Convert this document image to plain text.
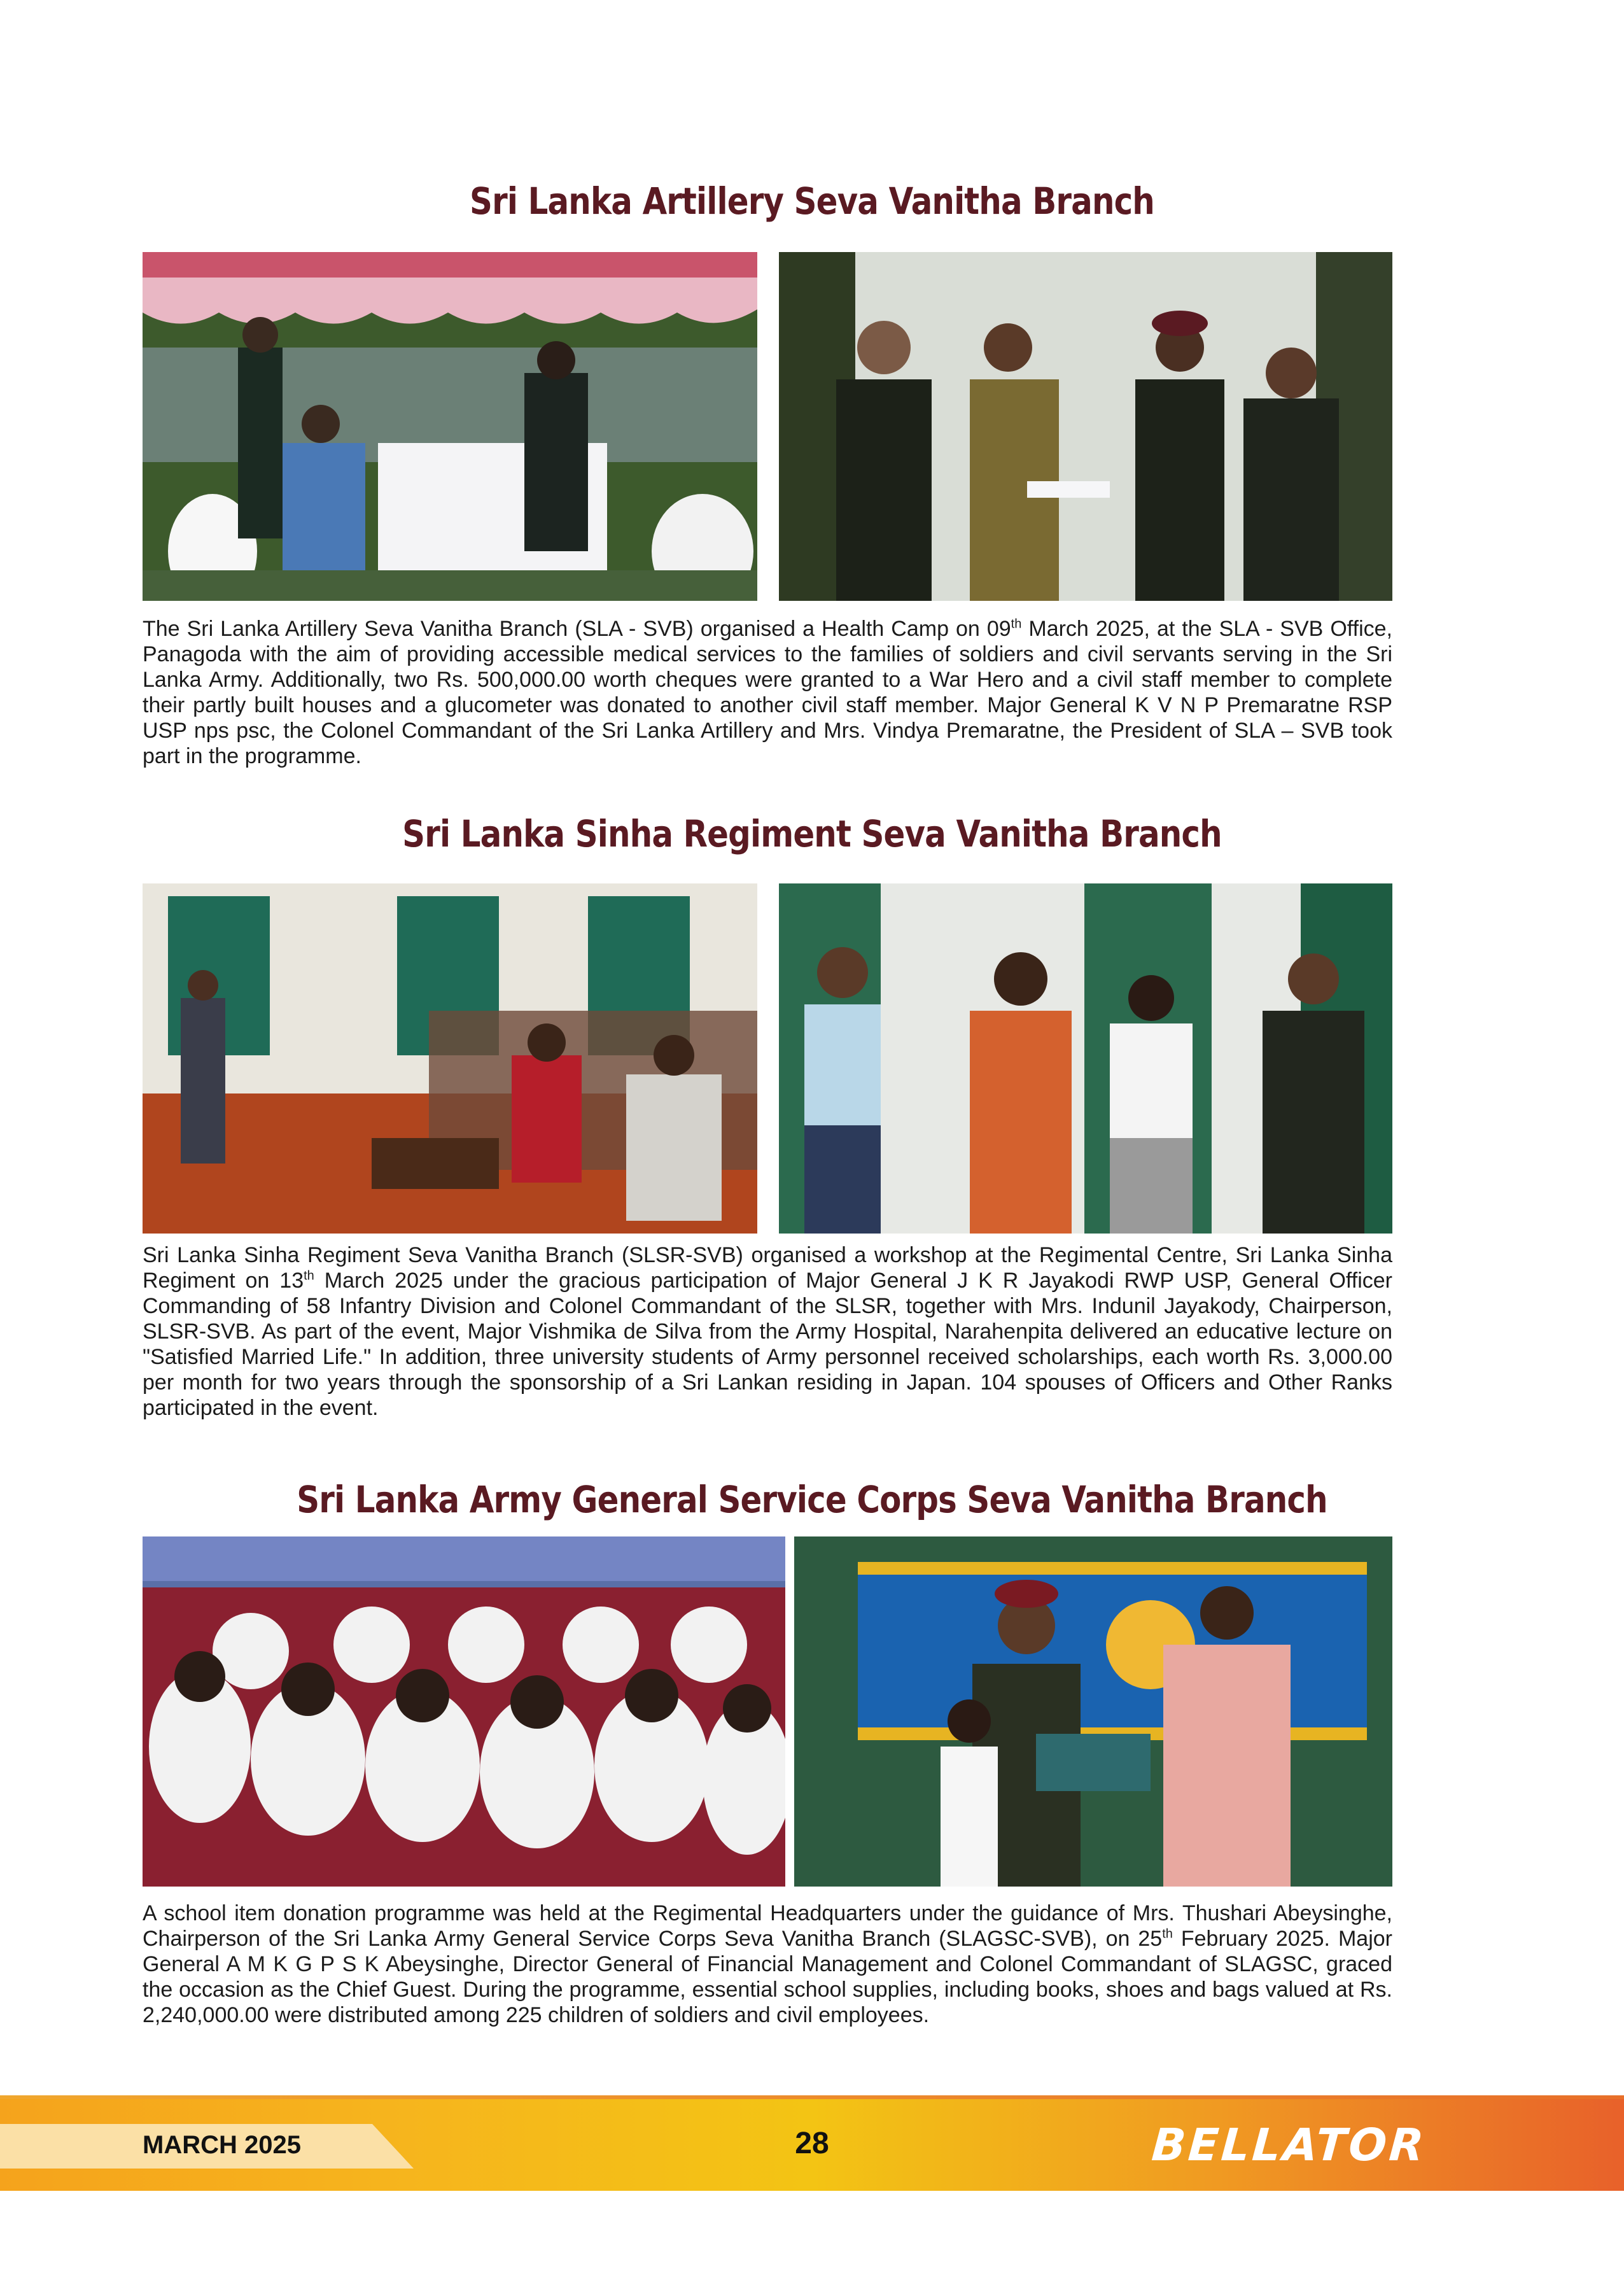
Sri Lanka Artillery Seva Vanitha Branch

The Sri Lanka Artillery Seva Vanitha Branch (SLA - SVB) organised a Health Camp on 09th March 2025, at the SLA - SVB Office, Panagoda with the aim of providing accessible medical services to the families of soldiers and civil servants serving in the Sri Lanka Army. Additionally, two Rs. 500,000.00 worth cheques were granted to a War Hero and a civil staff member to complete their partly built houses and a glucometer was donated to another civil staff member. Major General K V N P Premaratne RSP USP nps psc, the Colonel Commandant of the Sri Lanka Artillery and Mrs. Vindya Premaratne, the President of SLA – SVB took part in the programme.

Sri Lanka Sinha Regiment Seva Vanitha Branch

Sri Lanka Sinha Regiment Seva Vanitha Branch (SLSR-SVB) organised a workshop at the Regimental Centre, Sri Lanka Sinha Regiment on 13th March 2025 under the gracious participation of Major General J K R Jayakodi RWP USP, General Officer Commanding of 58 Infantry Division and Colonel Commandant of the SLSR, together with Mrs. Indunil Jayakody, Chairperson, SLSR-SVB. As part of the event, Major Vishmika de Silva from the Army Hospital, Narahenpita delivered an educative lecture on "Satisfied Married Life." In addition, three university students of Army personnel received scholarships, each worth Rs. 3,000.00 per month for two years through the sponsorship of a Sri Lankan residing in Japan. 104 spouses of Officers and Other Ranks participated in the event.

Sri Lanka Army General Service Corps Seva Vanitha Branch

A school item donation programme was held at the Regimental Headquarters under the guidance of Mrs. Thushari Abeysinghe, Chairperson of the Sri Lanka Army General Service Corps Seva Vanitha Branch (SLAGSC-SVB), on 25th February 2025. Major General A M K G P S K Abeysinghe, Director General of Financial Management and Colonel Commandant of SLAGSC, graced the occasion as the Chief Guest. During the programme, essential school supplies, including books, shoes and bags valued at Rs. 2,240,000.00 were distributed among 225 children of soldiers and civil employees.

MARCH 2025	28	BELLATOR
